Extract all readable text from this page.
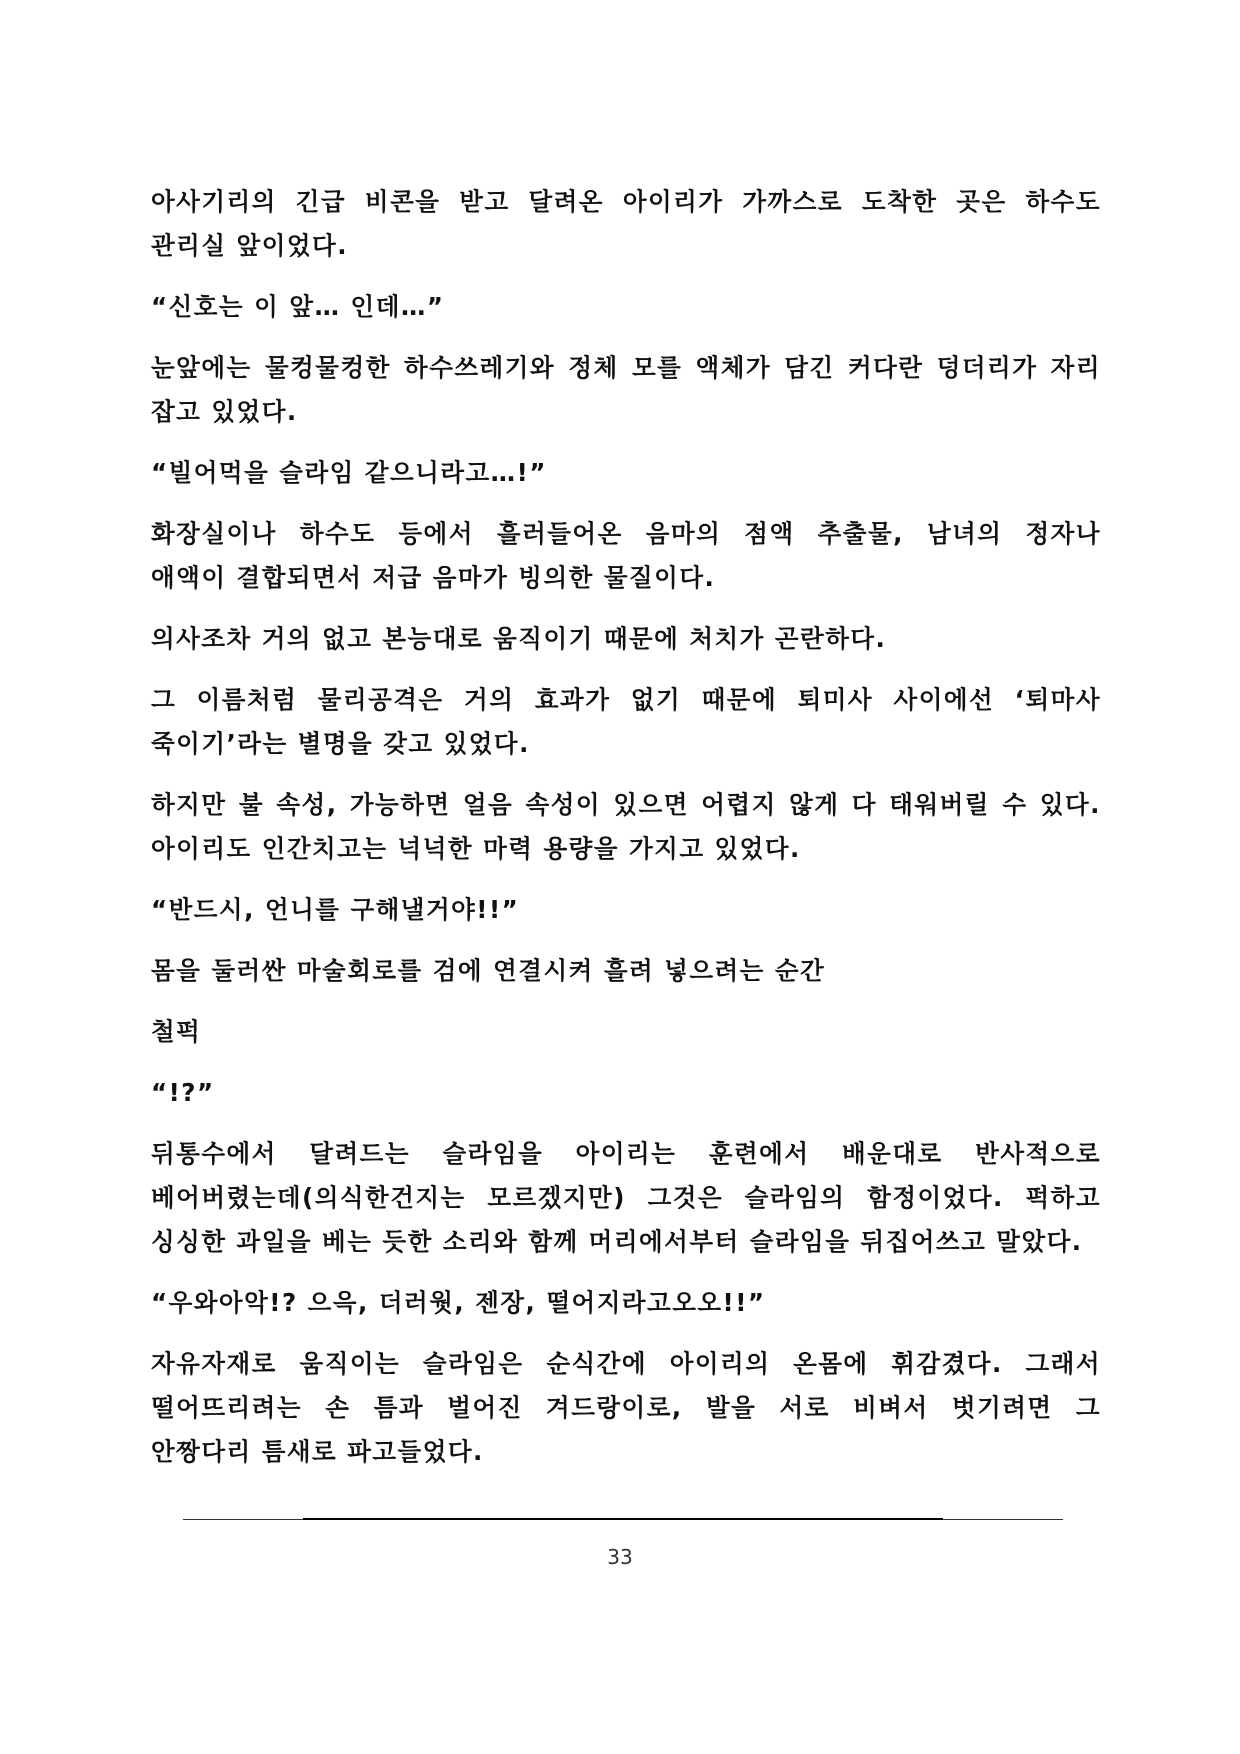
아사기리의 긴급 비콘을 받고 달려온 아이리가 가까스로 도착한 곳은 하수도
관리실 앞이었다.

“신호는 이 앞… 인데…”

눈앞에는 물컹물컹한 하수쓰레기와 정체 모를 액체가 담긴 커다란 덩더리가 자리
잡고 있었다.

“빌어먹을 슬라임 같으니라고…!”

화장실이나 하수도 등에서 흘러들어온 음마의 점액 추출물, 남녀의 정자나
애액이 결합되면서 저급 음마가 빙의한 물질이다.

의사조차 거의 없고 본능대로 움직이기 때문에 처치가 곤란하다.

그 이름처럼 물리공격은 거의 효과가 없기 때문에 퇴미사 사이에선 ‘퇴마사
죽이기’라는 별명을 갖고 있었다.

하지만 불 속성, 가능하면 얼음 속성이 있으면 어렵지 않게 다 태워버릴 수 있다.
아이리도 인간치고는 넉넉한 마력 용량을 가지고 있었다.

“반드시, 언니를 구해낼거야!!”

몸을 둘러싼 마술회로를 검에 연결시켜 흘려 넣으려는 순간

철퍽

“!?”

뒤통수에서 달려드는 슬라임을 아이리는 훈련에서 배운대로 반사적으로
베어버렸는데(의식한건지는 모르겠지만) 그것은 슬라임의 함정이었다. 퍽하고
싱싱한 과일을 베는 듯한 소리와 함께 머리에서부터 슬라임을 뒤집어쓰고 말았다.

“우와아악!? 으윽, 더러웟, 젠장, 떨어지라고오오!!”

자유자재로 움직이는 슬라임은 순식간에 아이리의 온몸에 휘감겼다. 그래서
떨어뜨리려는 손 틈과 벌어진 겨드랑이로, 발을 서로 비벼서 벗기려면 그
안짱다리 틈새로 파고들었다.

33
